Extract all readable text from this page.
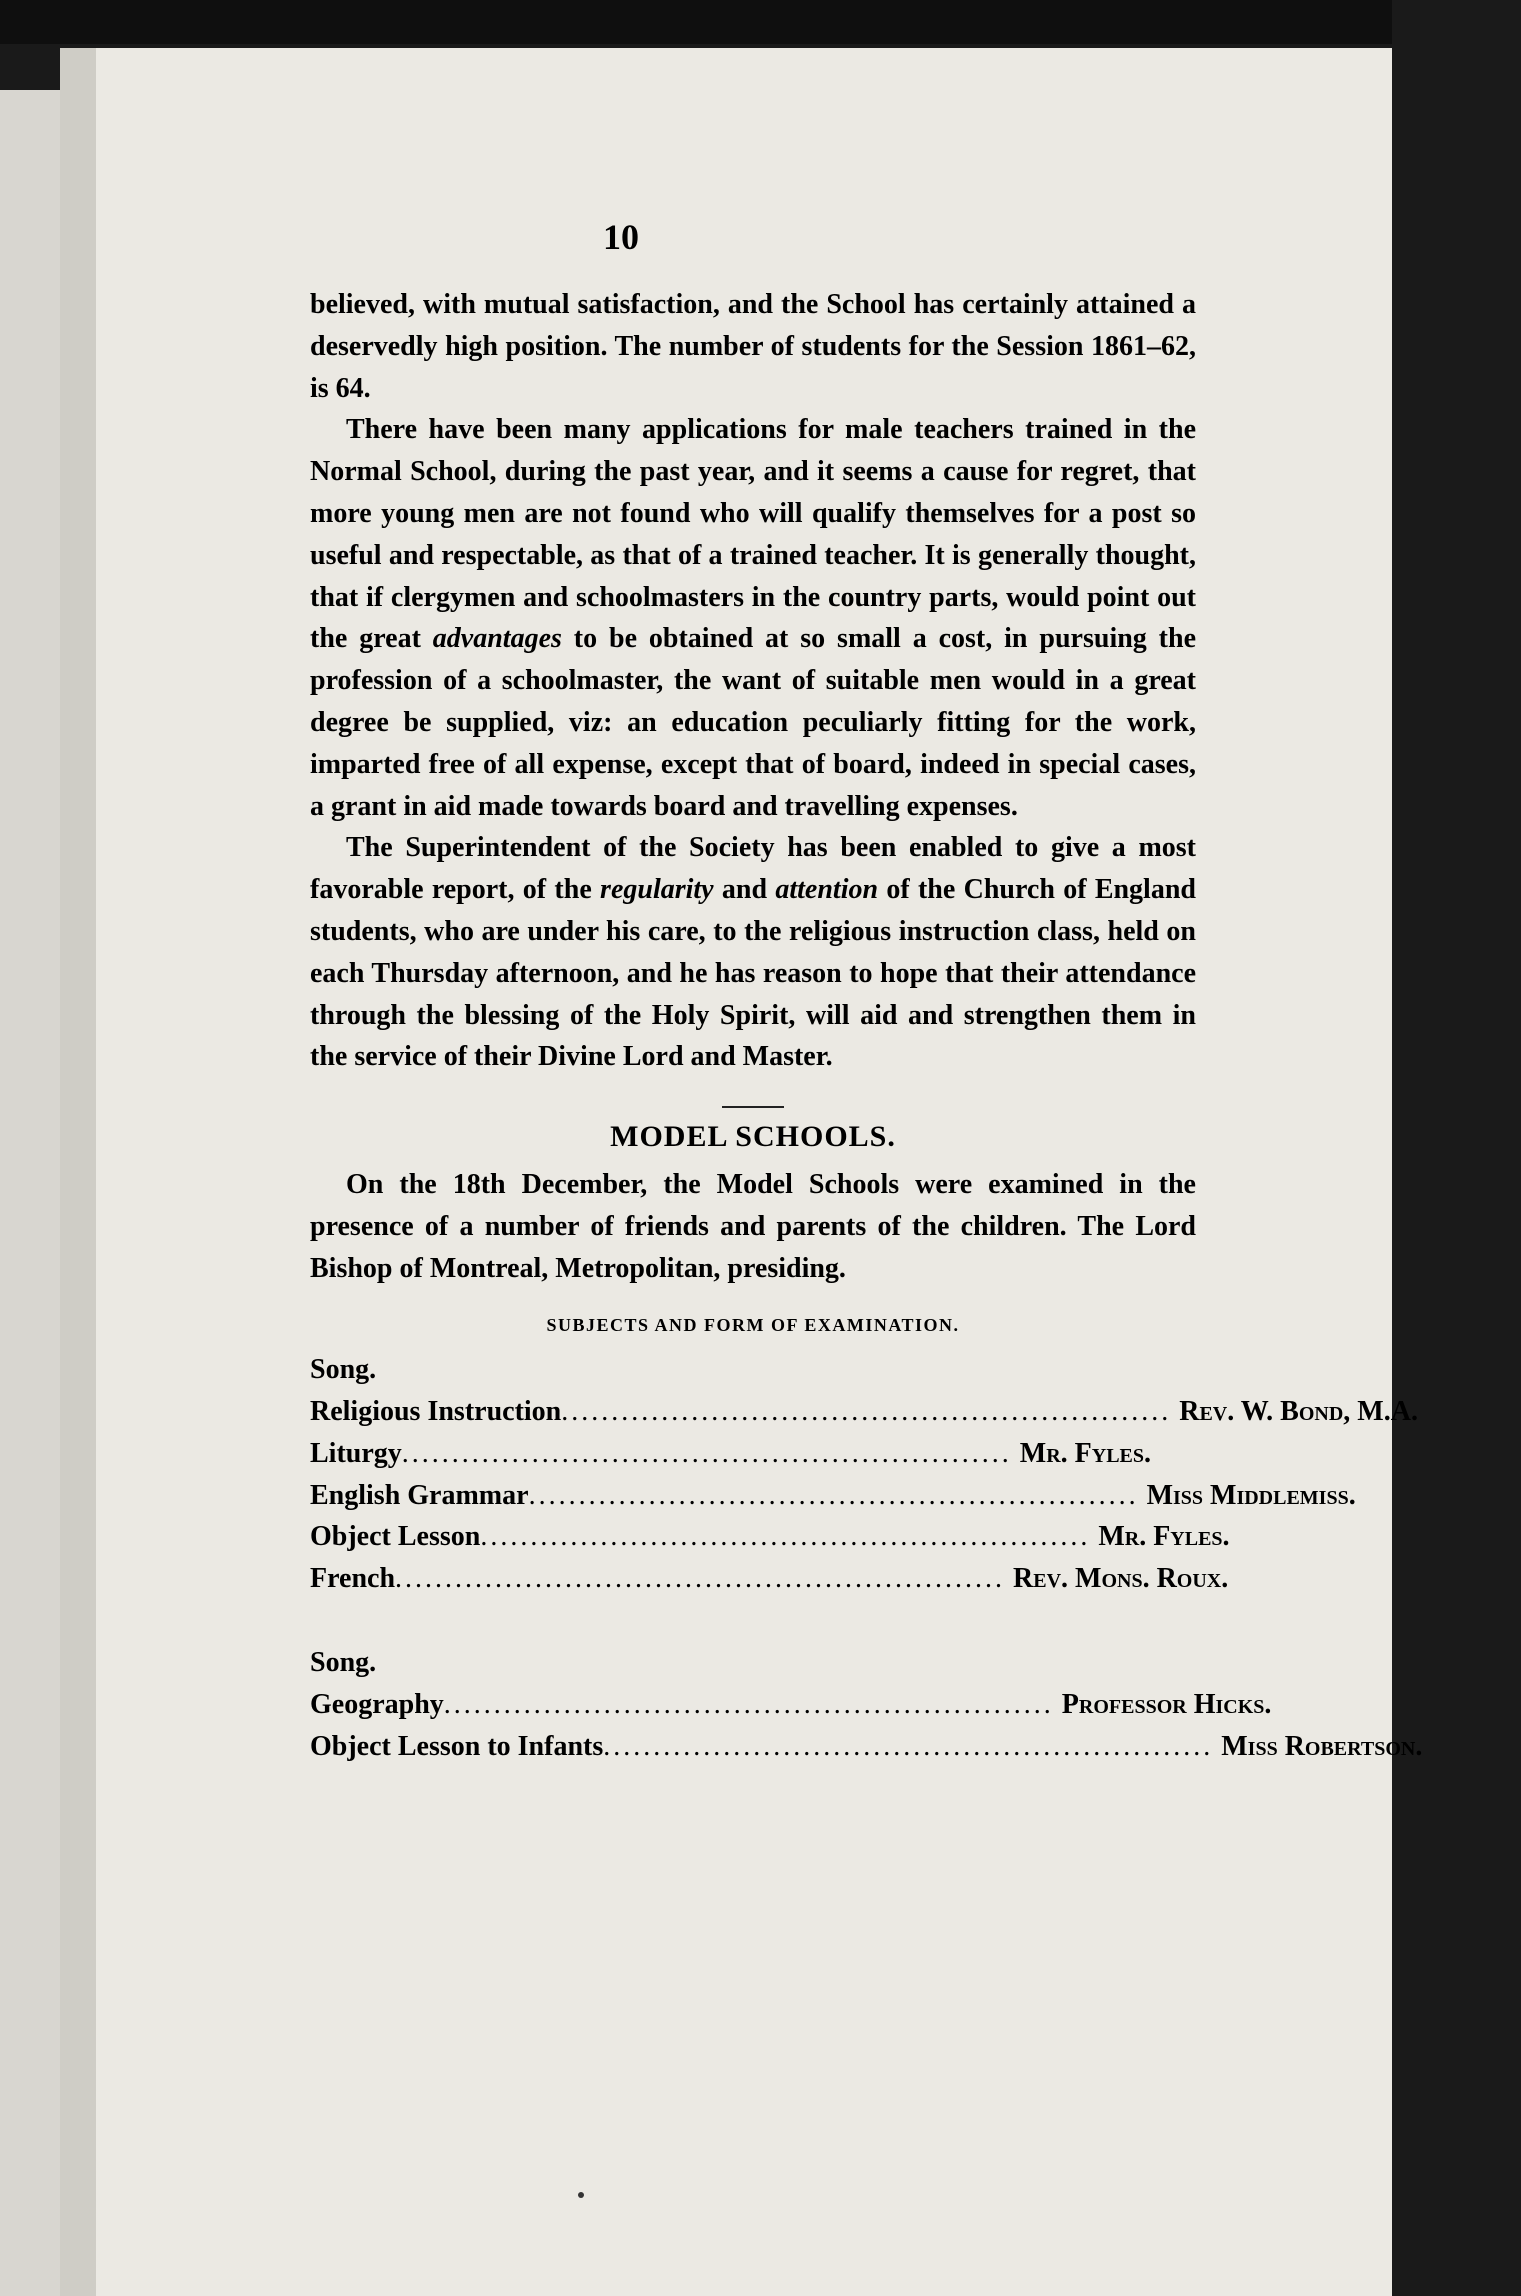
10

believed, with mutual satisfaction, and the School has certainly attained a deservedly high position. The number of students for the Session 1861–62, is 64.

There have been many applications for male teachers trained in the Normal School, during the past year, and it seems a cause for regret, that more young men are not found who will qualify themselves for a post so useful and respectable, as that of a trained teacher. It is generally thought, that if clergymen and schoolmasters in the country parts, would point out the great advantages to be obtained at so small a cost, in pursuing the profession of a schoolmaster, the want of suitable men would in a great degree be supplied, viz: an education peculiarly fitting for the work, imparted free of all expense, except that of board, indeed in special cases, a grant in aid made towards board and travelling expenses.

The Superintendent of the Society has been enabled to give a most favorable report, of the regularity and attention of the Church of England students, who are under his care, to the religious instruction class, held on each Thursday afternoon, and he has reason to hope that their attendance through the blessing of the Holy Spirit, will aid and strengthen them in the service of their Divine Lord and Master.

MODEL SCHOOLS.

On the 18th December, the Model Schools were examined in the presence of a number of friends and parents of the children. The Lord Bishop of Montreal, Metropolitan, presiding.

SUBJECTS AND FORM OF EXAMINATION.
Song.
Religious Instruction ............................................................. Rev. W. Bond, M.A.
Liturgy ............................................................. Mr. Fyles.
English Grammar ............................................................. Miss Middlemiss.
Object Lesson ............................................................. Mr. Fyles.
French ............................................................. Rev. Mons. Roux.
Song.
Geography ............................................................. Professor Hicks.
Object Lesson to Infants ............................................................. Miss Robertson.
